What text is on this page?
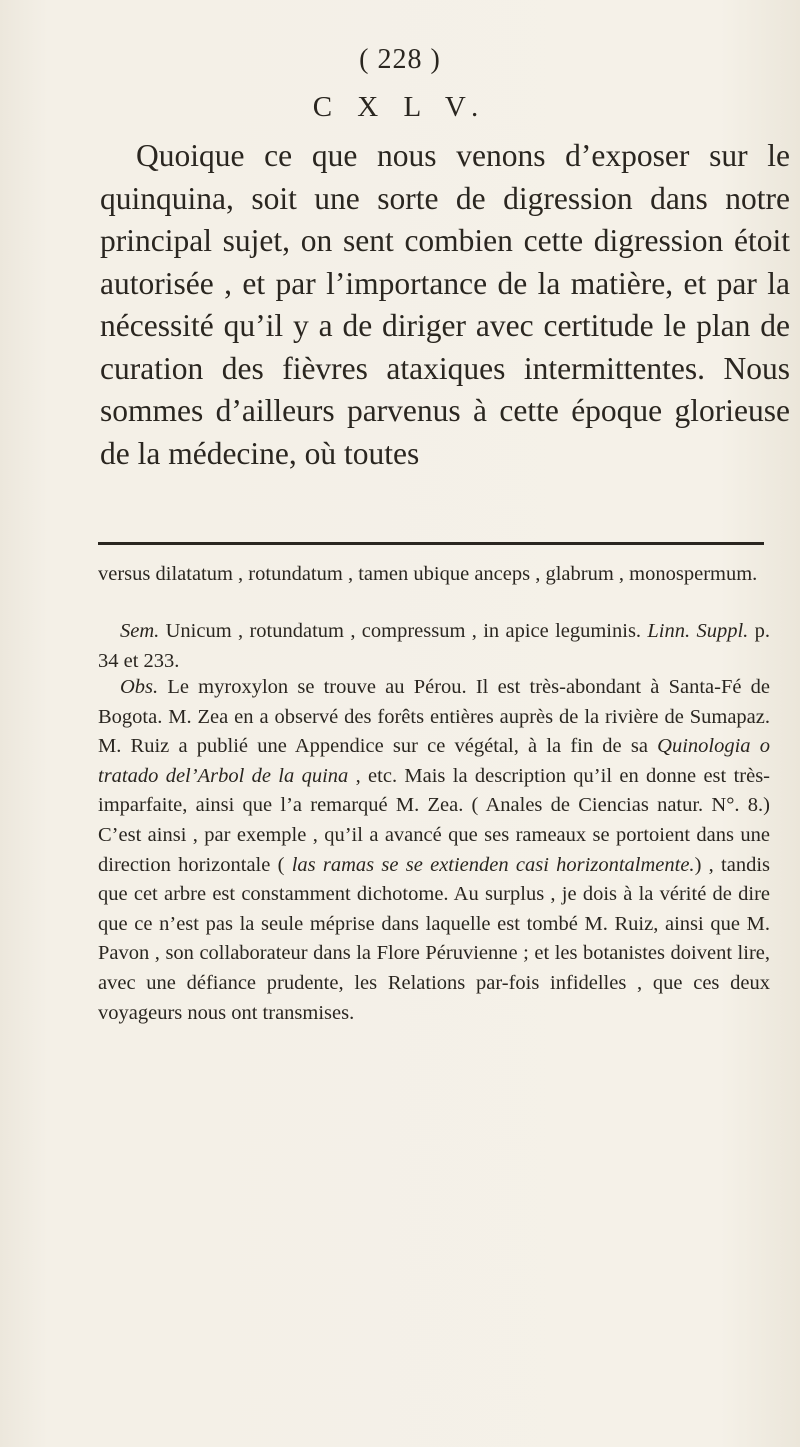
( 228 )
C X L V.

Quoique ce que nous venons d’exposer sur le quinquina, soit une sorte de digression dans notre principal sujet, on sent combien cette digression étoit autorisée , et par l’importance de la matière, et par la nécessité qu’il y a de diriger avec certitude le plan de curation des fièvres ataxiques intermittentes. Nous sommes d’ailleurs parvenus à cette époque glorieuse de la médecine, où toutes

versus dilatatum , rotundatum , tamen ubique anceps , glabrum , monospermum.

Sem. Unicum , rotundatum , compressum , in apice leguminis. Linn. Suppl. p. 34 et 233.

Obs. Le myroxylon se trouve au Pérou. Il est très-abondant à Santa-Fé de Bogota. M. Zea en a observé des forêts entières auprès de la rivière de Sumapaz. M. Ruiz a publié une Appendice sur ce végétal, à la fin de sa Quinologia o tratado del’Arbol de la quina , etc. Mais la description qu’il en donne est très-imparfaite, ainsi que l’a remarqué M. Zea. ( Anales de Ciencias natur. N°. 8.) C’est ainsi , par exemple , qu’il a avancé que ses rameaux se portoient dans une direction horizontale ( las ramas se se extienden casi horizontalmente.) , tandis que cet arbre est constamment dichotome. Au surplus , je dois à la vérité de dire que ce n’est pas la seule méprise dans laquelle est tombé M. Ruiz, ainsi que M. Pavon , son collaborateur dans la Flore Péruvienne ; et les botanistes doivent lire, avec une défiance prudente, les Relations par-fois infidelles , que ces deux voyageurs nous ont transmises.
